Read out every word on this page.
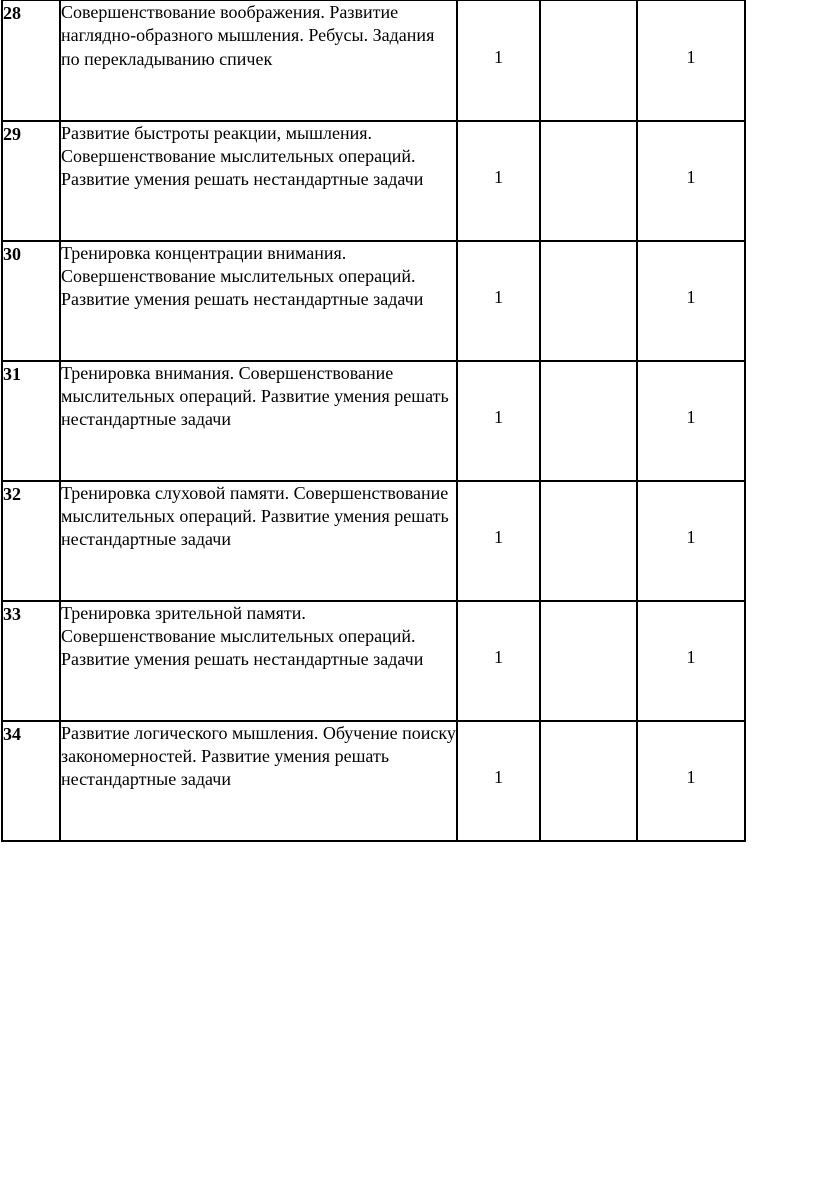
28	Совершенствование воображения. Развитие наглядно-образного мышления. Ребусы. Задания по перекладыванию спичек	1		1
29	Развитие быстроты реакции, мышления. Совершенствование мыслительных операций. Развитие умения решать нестандартные задачи	1		1
30	Тренировка концентрации внимания. Совершенствование мыслительных операций. Развитие умения решать нестандартные задачи	1		1
31	Тренировка внимания. Совершенствование мыслительных операций. Развитие умения решать нестандартные задачи	1		1
32	Тренировка слуховой памяти. Совершенствование мыслительных операций. Развитие умения решать нестандартные задачи	1		1
33	Тренировка зрительной памяти. Совершенствование мыслительных операций. Развитие умения решать нестандартные задачи	1		1
34	Развитие логического мышления. Обучение поиску закономерностей. Развитие умения решать нестандартные задачи	1		1
